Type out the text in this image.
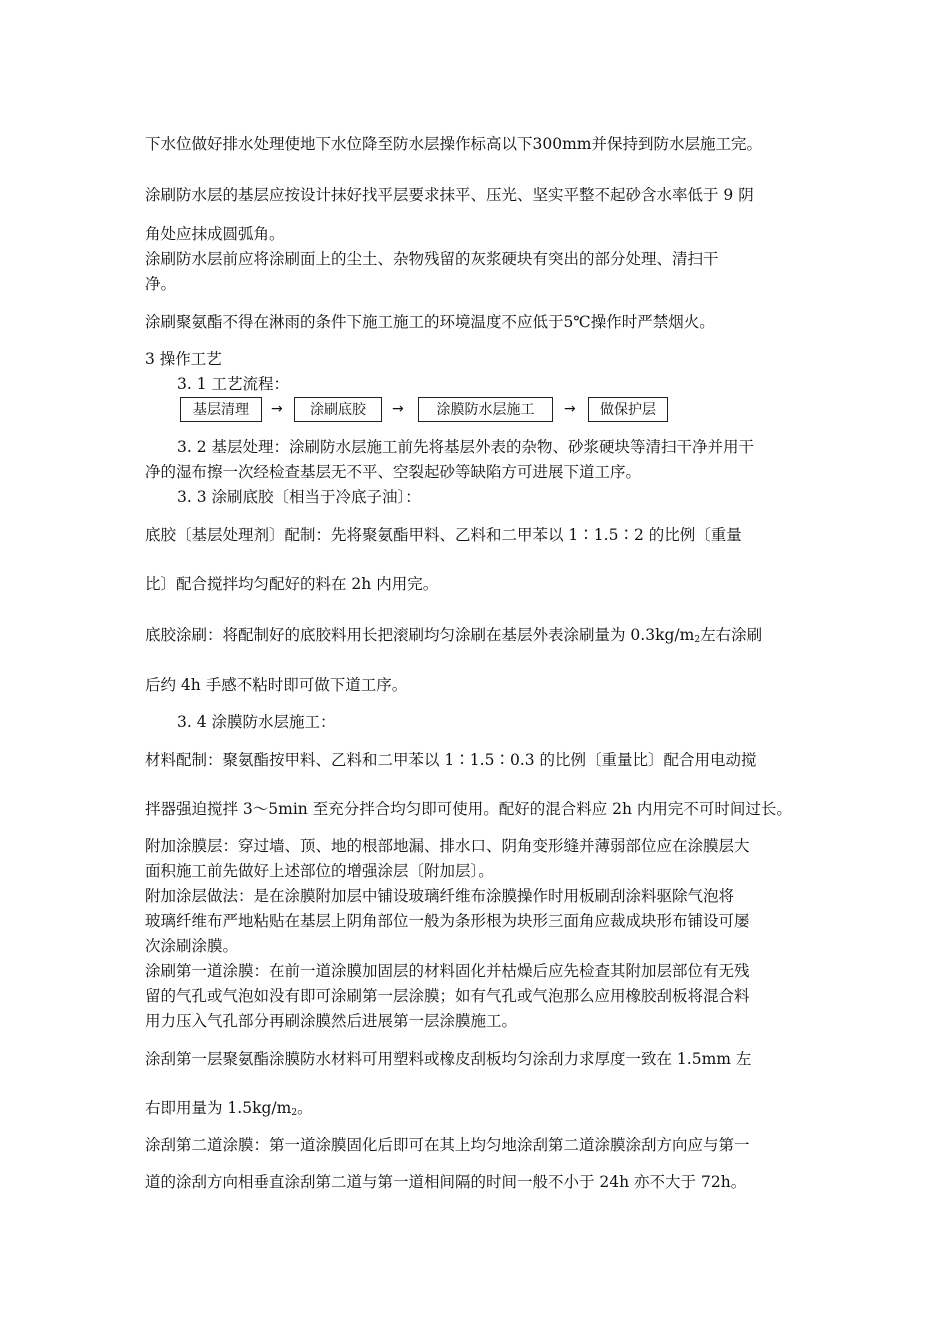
下水位做好排水处理使地下水位降至防水层操作标高以下300mm并保持到防水层施工完。
涂刷防水层的基层应按设计抹好找平层要求抹平、压光、坚实平整不起砂含水率低于 9 阴
角处应抹成圆弧角。
涂刷防水层前应将涂刷面上的尘土、杂物残留的灰浆硬块有突出的部分处理、清扫干
净。
涂刷聚氨酯不得在淋雨的条件下施工施工的环境温度不应低于5℃操作时严禁烟火。
3 操作工艺
3. 1 工艺流程：
基层清理	→	涂刷底胶	→	涂膜防水层施工	→	做保护层
3. 2 基层处理：涂刷防水层施工前先将基层外表的杂物、砂浆硬块等清扫干净并用干
净的湿布擦一次经检查基层无不平、空裂起砂等缺陷方可进展下道工序。
3. 3 涂刷底胶〔相当于冷底子油〕：
底胶〔基层处理剂〕配制：先将聚氨酯甲料、乙料和二甲苯以 1∶1.5∶2 的比例〔重量
比〕配合搅拌均匀配好的料在 2h 内用完。
底胶涂刷：将配制好的底胶料用长把滚刷均匀涂刷在基层外表涂刷量为 $0.3kg/m_2$左右涂刷
后约 4h 手感不粘时即可做下道工序。
3. 4 涂膜防水层施工：
材料配制：聚氨酯按甲料、乙料和二甲苯以 1∶1.5∶0.3 的比例〔重量比〕配合用电动搅
拌器强迫搅拌 3～5min 至充分拌合均匀即可使用。配好的混合料应 2h 内用完不可时间过长。
附加涂膜层：穿过墙、顶、地的根部地漏、排水口、阴角变形缝并薄弱部位应在涂膜层大
面积施工前先做好上述部位的增强涂层〔附加层〕。
附加涂层做法：是在涂膜附加层中铺设玻璃纤维布涂膜操作时用板刷刮涂料驱除气泡将
玻璃纤维布严地粘贴在基层上阴角部位一般为条形根为块形三面角应裁成块形布铺设可屡
次涂刷涂膜。
涂刷第一道涂膜：在前一道涂膜加固层的材料固化并枯燥后应先检查其附加层部位有无残
留的气孔或气泡如没有即可涂刷第一层涂膜；如有气孔或气泡那么应用橡胶刮板将混合料
用力压入气孔部分再刷涂膜然后进展第一层涂膜施工。
涂刮第一层聚氨酯涂膜防水材料可用塑料或橡皮刮板均匀涂刮力求厚度一致在 1.5mm 左
右即用量为 $1.5kg/m_2$。
涂刮第二道涂膜：第一道涂膜固化后即可在其上均匀地涂刮第二道涂膜涂刮方向应与第一
道的涂刮方向相垂直涂刮第二道与第一道相间隔的时间一般不小于 24h 亦不大于 72h。
